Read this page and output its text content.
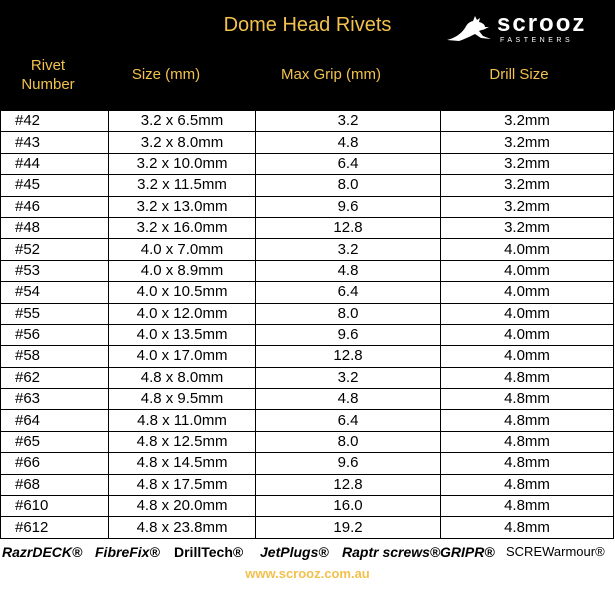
Dome Head Rivets	scrooz
FASTENERS
Rivet
Number
Size (mm)	Max Grip (mm)	Drill Size
#42	3.2 x 6.5mm	3.2	3.2mm
#43	3.2 x 8.0mm	4.8	3.2mm
#44	3.2 x 10.0mm	6.4	3.2mm
#45	3.2 x 11.5mm	8.0	3.2mm
#46	3.2 x 13.0mm	9.6	3.2mm
#48	3.2 x 16.0mm	12.8	3.2mm
#52	4.0 x 7.0mm	3.2	4.0mm
#53	4.0 x 8.9mm	4.8	4.0mm
#54	4.0 x 10.5mm	6.4	4.0mm
#55	4.0 x 12.0mm	8.0	4.0mm
#56	4.0 x 13.5mm	9.6	4.0mm
#58	4.0 x 17.0mm	12.8	4.0mm
#62	4.8 x 8.0mm	3.2	4.8mm
#63	4.8 x 9.5mm	4.8	4.8mm
#64	4.8 x 11.0mm	6.4	4.8mm
#65	4.8 x 12.5mm	8.0	4.8mm
#66	4.8 x 14.5mm	9.6	4.8mm
#68	4.8 x 17.5mm	12.8	4.8mm
#610	4.8 x 20.0mm	16.0	4.8mm
#612	4.8 x 23.8mm	19.2	4.8mm
RazrDECK® FibreFix® DrillTech® JetPlugs® Raptr screws® GRIPR® SCREWarmour®
www.scrooz.com.au
